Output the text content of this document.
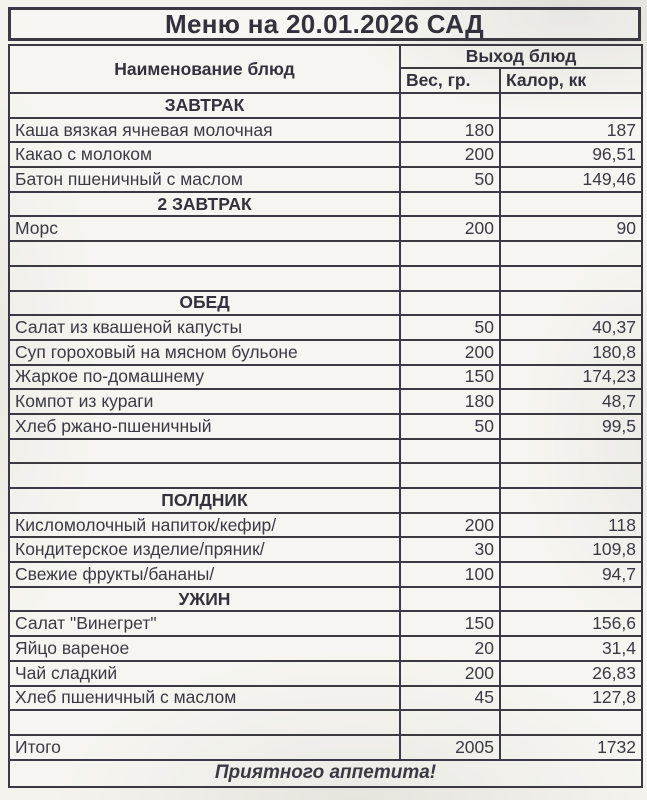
Меню на 20.01.2026 САД
Наименование блюд	Выход блюд	
	Вес, гр.	Калор, кк
ЗАВТРАК		
Каша вязкая ячневая молочная	180	187
Какао с молоком	200	96,51
Батон пшеничный с маслом	50	149,46
2 ЗАВТРАК		
Морс	200	90

ОБЕД		
Салат из квашеной капусты	50	40,37
Суп гороховый на мясном бульоне	200	180,8
Жаркое по-домашнему	150	174,23
Компот из кураги	180	48,7
Хлеб ржано-пшеничный	50	99,5

ПОЛДНИК		
Кисломолочный напиток/кефир/	200	118
Кондитерское изделие/пряник/	30	109,8
Свежие фрукты/бананы/	100	94,7
УЖИН		
Салат "Винегрет"	150	156,6
Яйцо вареное	20	31,4
Чай сладкий	200	26,83
Хлеб пшеничный с маслом	45	127,8

Итого	2005	1732
Приятного аппетита!		
